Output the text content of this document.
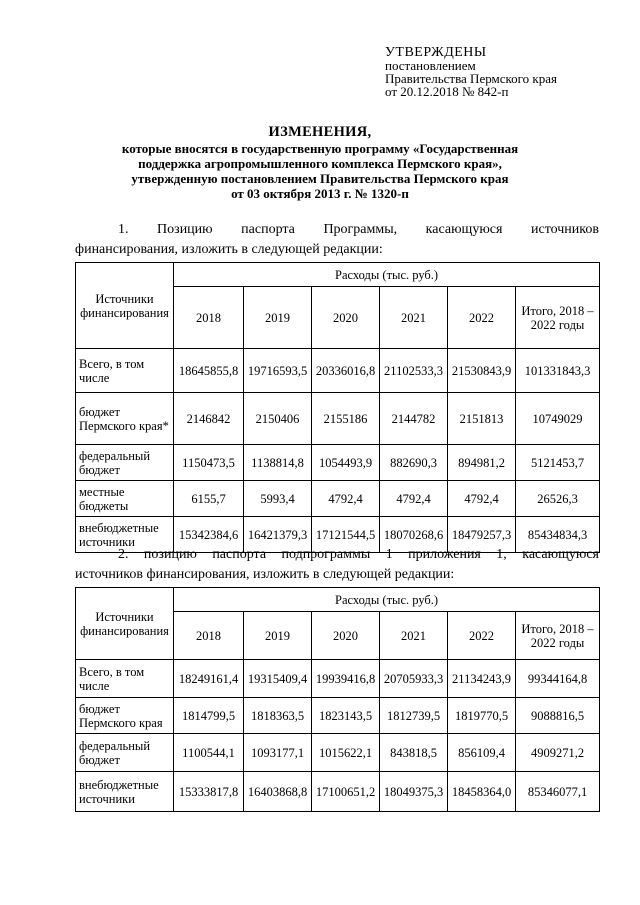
УТВЕРЖДЕНЫ
постановлением
Правительства Пермского края
от 20.12.2018 № 842-п
ИЗМЕНЕНИЯ,
которые вносятся в государственную программу «Государственная
поддержка агропромышленного комплекса Пермского края»,
утвержденную постановлением Правительства Пермского края
от 03 октября 2013 г. № 1320-п
1. Позицию паспорта Программы, касающуюся источников
финансирования, изложить в следующей редакции:
Источники финансирования	Расходы (тыс. руб.)					
	2018	2019	2020	2021	2022	Итого, 2018 – 2022 годы
Всего, в том числе	18645855,8	19716593,5	20336016,8	21102533,3	21530843,9	101331843,3
бюджет Пермского края*	2146842	2150406	2155186	2144782	2151813	10749029
федеральный бюджет	1150473,5	1138814,8	1054493,9	882690,3	894981,2	5121453,7
местные бюджеты	6155,7	5993,4	4792,4	4792,4	4792,4	26526,3
внебюджетные источники	15342384,6	16421379,3	17121544,5	18070268,6	18479257,3	85434834,3
2. позицию паспорта подпрограммы 1 приложения 1, касающуюся
источников финансирования, изложить в следующей редакции:
Источники финансирования	Расходы (тыс. руб.)					
	2018	2019	2020	2021	2022	Итого, 2018 – 2022 годы
Всего, в том числе	18249161,4	19315409,4	19939416,8	20705933,3	21134243,9	99344164,8
бюджет Пермского края	1814799,5	1818363,5	1823143,5	1812739,5	1819770,5	9088816,5
федеральный бюджет	1100544,1	1093177,1	1015622,1	843818,5	856109,4	4909271,2
внебюджетные источники	15333817,8	16403868,8	17100651,2	18049375,3	18458364,0	85346077,1
